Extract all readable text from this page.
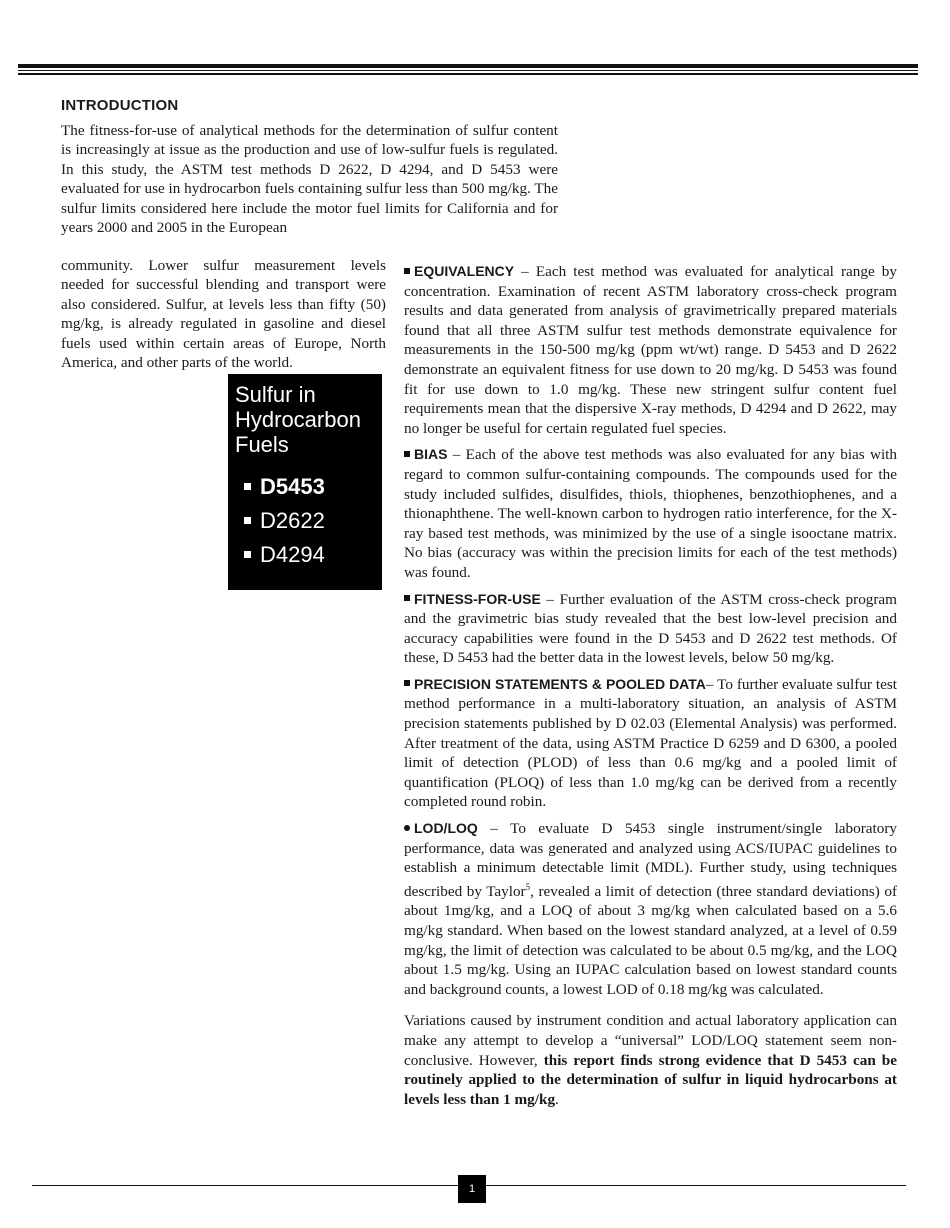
INTRODUCTION
The fitness-for-use of analytical methods for the determination of sulfur content is increasingly at issue as the production and use of low-sulfur fuels is regulated. In this study, the ASTM test methods D 2622, D 4294, and D 5453 were evaluated for use in hydrocarbon fuels containing sulfur less than 500 mg/kg. The sulfur limits considered here include the motor fuel limits for California and for years 2000 and 2005 in the European
community. Lower sulfur measurement levels needed for successful blending and transport were also considered. Sulfur, at levels less than fifty (50) mg/kg, is already regulated in gasoline and diesel fuels used within certain areas of Europe, North America, and other parts of the world.
Sulfur in
Hydrocarbon
Fuels
D5453
D2622
D4294

EQUIVALENCY – Each test method was evaluated for analytical range by concentration. Examination of recent ASTM laboratory cross-check program results and data generated from analysis of gravimetrically prepared materials found that all three ASTM sulfur test methods demonstrate equivalence for measurements in the 150-500 mg/kg (ppm wt/wt) range. D 5453 and D 2622 demonstrate an equivalent fitness for use down to 20 mg/kg. D 5453 was found fit for use down to 1.0 mg/kg. These new stringent sulfur content fuel requirements mean that the dispersive X-ray methods, D 4294 and D 2622, may no longer be useful for certain regulated fuel species.

BIAS – Each of the above test methods was also evaluated for any bias with regard to common sulfur-containing compounds. The compounds used for the study included sulfides, disulfides, thiols, thiophenes, benzothiophenes, and a thionaphthene. The well-known carbon to hydrogen ratio interference, for the X-ray based test methods, was minimized by the use of a single isooctane matrix. No bias (accuracy was within the precision limits for each of the test methods) was found.

FITNESS-FOR-USE – Further evaluation of the ASTM cross-check program and the gravimetric bias study revealed that the best low-level precision and accuracy capabilities were found in the D 5453 and D 2622 test methods. Of these, D 5453 had the better data in the lowest levels, below 50 mg/kg.

PRECISION STATEMENTS & POOLED DATA– To further evaluate sulfur test method performance in a multi-laboratory situation, an analysis of ASTM precision statements published by D 02.03 (Elemental Analysis) was performed. After treatment of the data, using ASTM Practice D 6259 and D 6300, a pooled limit of detection (PLOD) of less than 0.6 mg/kg and a pooled limit of quantification (PLOQ) of less than 1.0 mg/kg can be derived from a recently completed round robin.

LOD/LOQ – To evaluate D 5453 single instrument/single laboratory performance, data was generated and analyzed using ACS/IUPAC guidelines to establish a minimum detectable limit (MDL). Further study, using techniques described by Taylor$^5$, revealed a limit of detection (three standard deviations) of about 1mg/kg, and a LOQ of about 3 mg/kg when calculated based on a 5.6 mg/kg standard. When based on the lowest standard analyzed, at a level of 0.59 mg/kg, the limit of detection was calculated to be about 0.5 mg/kg, and the LOQ about 1.5 mg/kg. Using an IUPAC calculation based on lowest standard counts and background counts, a lowest LOD of 0.18 mg/kg was calculated.

Variations caused by instrument condition and actual laboratory application can make any attempt to develop a “universal” LOD/LOQ statement seem non-conclusive. However, this report finds strong evidence that D 5453 can be routinely applied to the determination of sulfur in liquid hydrocarbons at levels less than 1 mg/kg.

1
